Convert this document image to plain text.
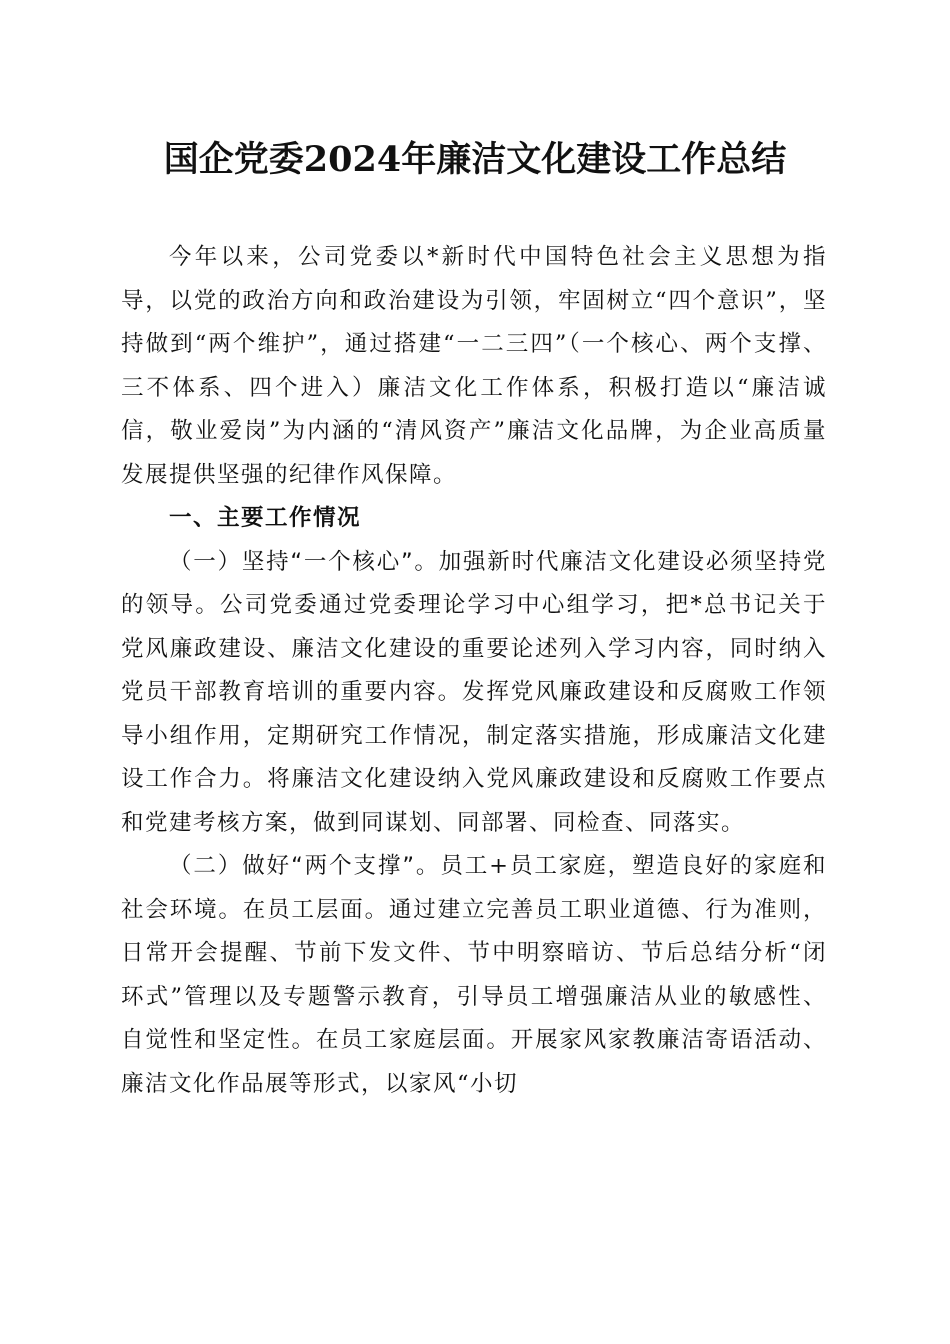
国企党委2024年廉洁文化建设工作总结

今年以来，公司党委以*新时代中国特色社会主义思想为指导，以党的政治方向和政治建设为引领，牢固树立“四个意识”，坚持做到“两个维护”，通过搭建“一二三四”（一个核心、两个支撑、三不体系、四个进入）廉洁文化工作体系，积极打造以“廉洁诚信，敬业爱岗”为内涵的“清风资产”廉洁文化品牌，为企业高质量发展提供坚强的纪律作风保障。

一、主要工作情况

（一）坚持“一个核心”。加强新时代廉洁文化建设必须坚持党的领导。公司党委通过党委理论学习中心组学习，把*总书记关于党风廉政建设、廉洁文化建设的重要论述列入学习内容，同时纳入党员干部教育培训的重要内容。发挥党风廉政建设和反腐败工作领导小组作用，定期研究工作情况，制定落实措施，形成廉洁文化建设工作合力。将廉洁文化建设纳入党风廉政建设和反腐败工作要点和党建考核方案，做到同谋划、同部署、同检查、同落实。

（二）做好“两个支撑”。员工+员工家庭，塑造良好的家庭和社会环境。在员工层面。通过建立完善员工职业道德、行为准则，日常开会提醒、节前下发文件、节中明察暗访、节后总结分析“闭环式”管理以及专题警示教育，引导员工增强廉洁从业的敏感性、自觉性和坚定性。在员工家庭层面。开展家风家教廉洁寄语活动、廉洁文化作品展等形式，以家风“小切
